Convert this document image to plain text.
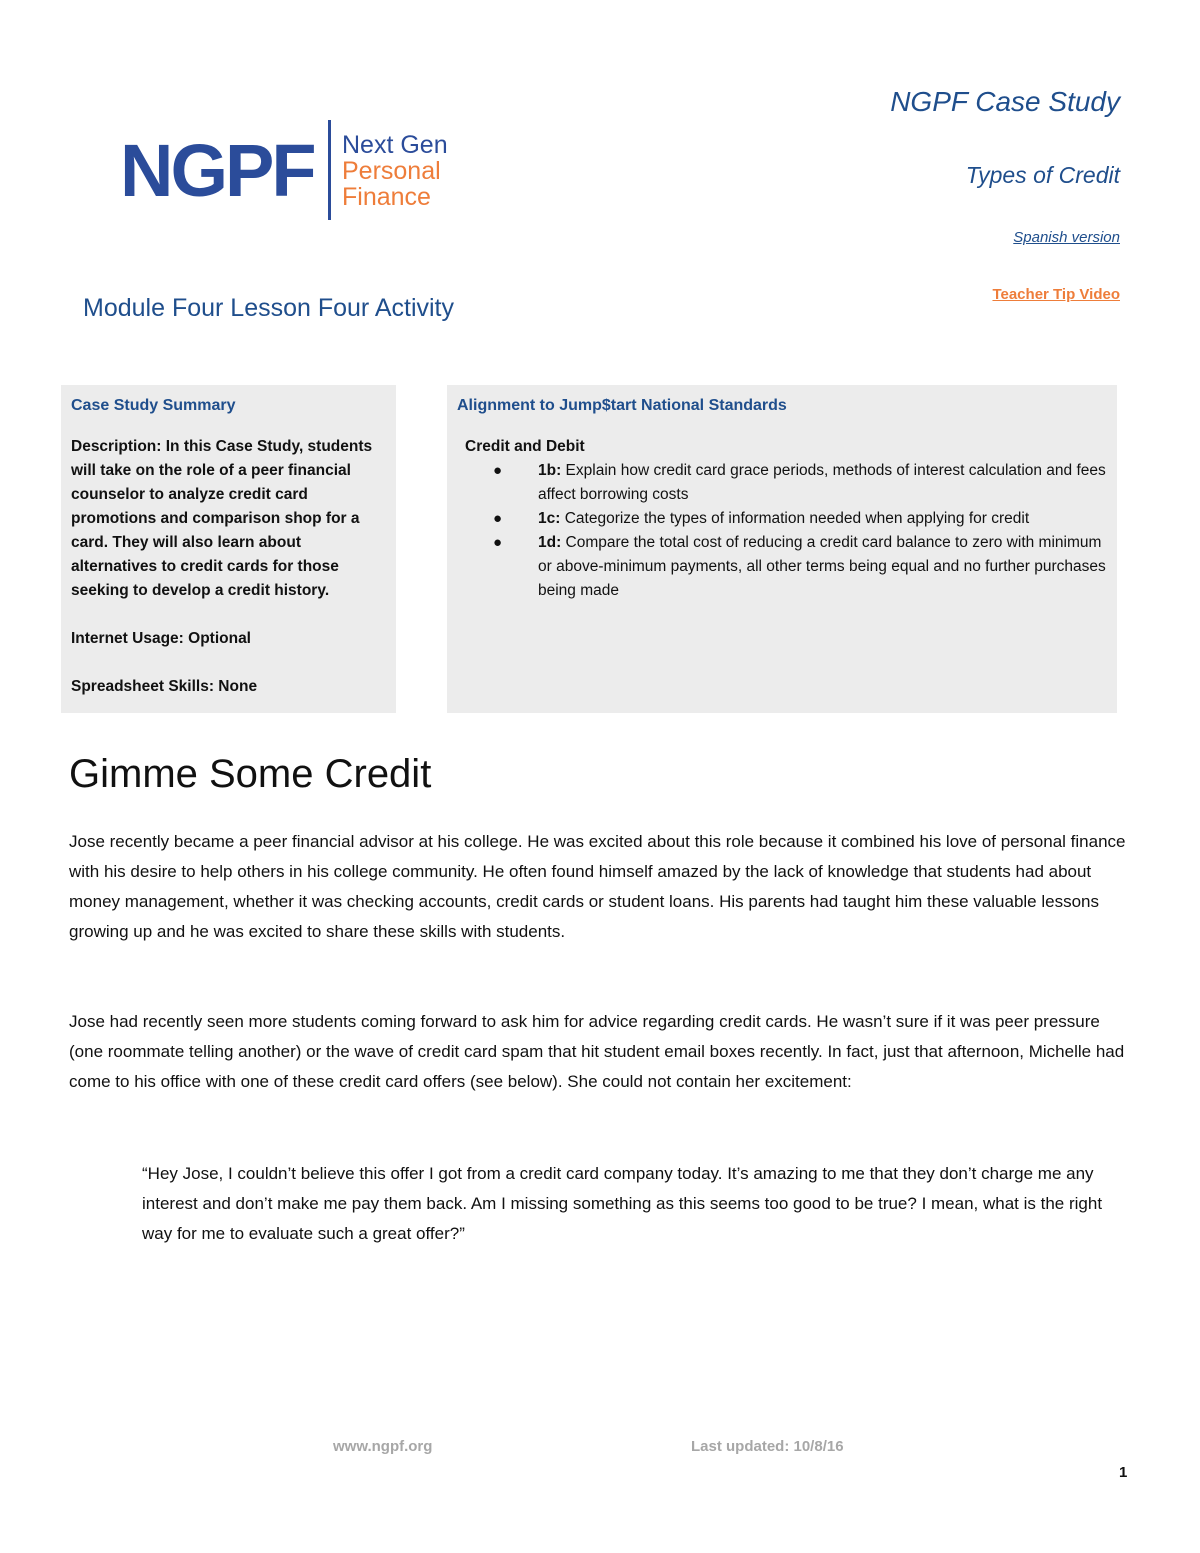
NGPF Next Gen
Personal
Finance
NGPF Case Study
Types of Credit
Spanish version
Teacher Tip Video
Module Four Lesson Four Activity
Case Study Summary

Description: In this Case Study, students will take on the role of a peer financial counselor to analyze credit card promotions and comparison shop for a card. They will also learn about alternatives to credit cards for those seeking to develop a credit history.

Internet Usage: Optional

Spreadsheet Skills: None

Alignment to Jump$tart National Standards
Credit and Debit
● 1b: Explain how credit card grace periods, methods of interest calculation and fees affect borrowing costs
● 1c: Categorize the types of information needed when applying for credit
● 1d: Compare the total cost of reducing a credit card balance to zero with minimum or above-minimum payments, all other terms being equal and no further purchases being made
Gimme Some Credit

Jose recently became a peer financial advisor at his college. He was excited about this role because it combined his love of personal finance with his desire to help others in his college community. He often found himself amazed by the lack of knowledge that students had about money management, whether it was checking accounts, credit cards or student loans. His parents had taught him these valuable lessons growing up and he was excited to share these skills with students.

Jose had recently seen more students coming forward to ask him for advice regarding credit cards. He wasn’t sure if it was peer pressure (one roommate telling another) or the wave of credit card spam that hit student email boxes recently. In fact, just that afternoon, Michelle had come to his office with one of these credit card offers (see below). She could not contain her excitement:

“Hey Jose, I couldn’t believe this offer I got from a credit card company today. It’s amazing to me that they don’t charge me any interest and don’t make me pay them back. Am I missing something as this seems too good to be true? I mean, what is the right way for me to evaluate such a great offer?”

www.ngpf.org	Last updated: 10/8/16
1
